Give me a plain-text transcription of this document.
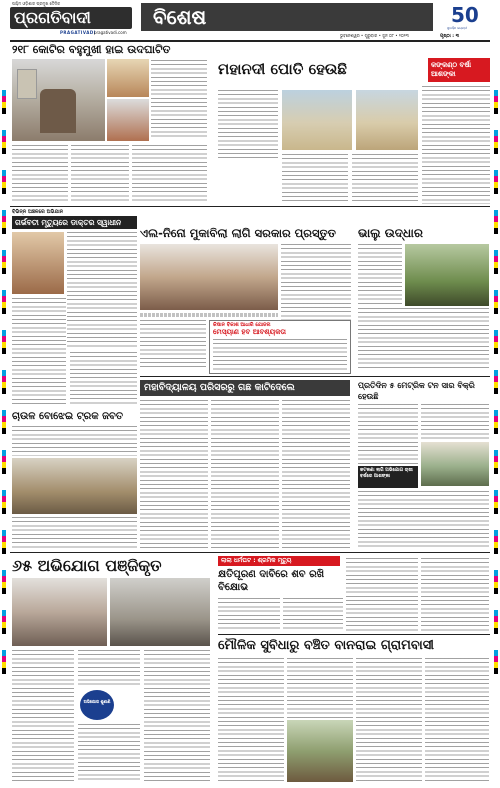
ପଶ୍ଚିମ ଓଡ଼ିଶାର ପ୍ରମୁଖ ଦୈନିକ
ପ୍ରଗତିବାଦୀ
PRAGATIVADI
pragativadi.com
ବିଶେଷ
ଭୁବନେଶ୍ୱର • ଗୁରୁବାର • ଜୁନ ୦୮ • ୨୦୨୩	ପୃଷ୍ଠା : ୩
50
ସୁବର୍ଣ୍ଣ ଜୟନ୍ତୀ
୨୧୮ କୋଟିର ବହୁମୁଖୀ ହାଇ ଉଦଘାଟିତ
ମହାନଦୀ ପୋତି ହେଉଛି	କଙ୍କଣ୍ଠ ବର୍ଷା ଆଶଙ୍କା
ବିଭିନ୍ନ ଅଞ୍ଚଳରେ ଅଭିଯାନ
ଗର୍ଭବତୀ ମୃତ୍ୟୁରେ ଡାକ୍ତର ସ୍ୱାଧୀନ
ଏଲ-ନିନୋ ମୁକାବିଲା ଲାଗି ସରକାର ପ୍ରସ୍ତୁତ
କିଷାନ ବିକାଶ ଆଧାରି ଯୋଜନା
ମେସ୍ୟାଣ ହବ ଆବଶ୍ୟକତା
ଭାଲୁ ଉଦ୍ଧାର
ଚାଉଳ ବୋଝେଇ ଟ୍ରକ ଜବତ
ମହାବିଦ୍ୟାଳୟ ପରିସରରୁ ଗଛ କାଟିଦେଲେ	ପ୍ରତିଦିନ ୫ ମେଟ୍ରିକ ଟନ ସାର ବିକ୍ରି ହେଉଛି
କଟକଣା ଲାଗି ଅଭିଯୋଗ ଚାଷୀ ବର୍ଷରେ ଆଶଙ୍କା
୬୫ ଅଭିଯୋଗ ପଞ୍ଜିକୃତ
ଅଭିଯୋଗ ଶୁଣାଣି
ଲାଲା ଧର୍ମଘଟ : ଶ୍ରମିକ ମୃତ୍ୟୁ
କ୍ଷତିପୂରଣ ଦାବିରେ ଶବ ରଖି ବିକ୍ଷୋଭ
ମୌଳିକ ସୁବିଧାରୁ ବଞ୍ଚିତ ବାନରାଇ ଗ୍ରାମବାସୀ
